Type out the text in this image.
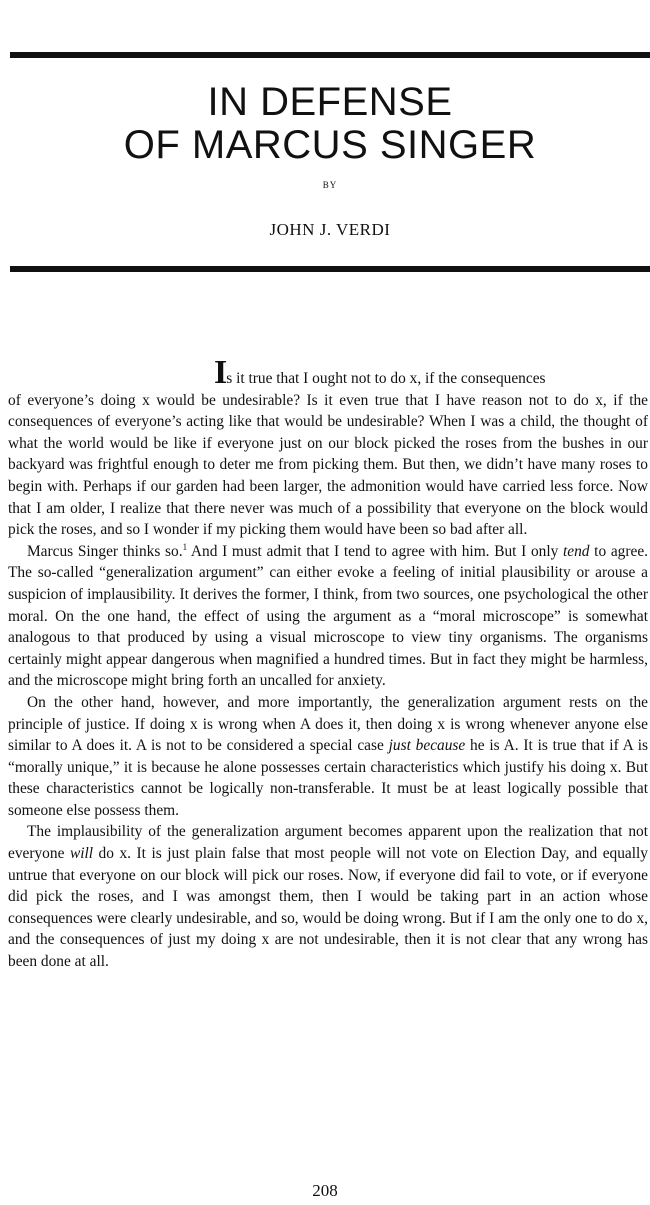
IN DEFENSE
OF MARCUS SINGER
BY
JOHN J. VERDI

Is it true that I ought not to do x, if the consequences
of everyone’s doing x would be undesirable? Is it even true that I have reason not to do x, if the consequences of everyone’s acting like that would be undesirable? When I was a child, the thought of what the world would be like if everyone just on our block picked the roses from the bushes in our backyard was frightful enough to deter me from picking them. But then, we didn’t have many roses to begin with. Perhaps if our garden had been larger, the admonition would have carried less force. Now that I am older, I realize that there never was much of a possibility that everyone on the block would pick the roses, and so I wonder if my picking them would have been so bad after all.

Marcus Singer thinks so.$^1$ And I must admit that I tend to agree with him. But I only tend to agree. The so-called “generalization argument” can either evoke a feeling of initial plausibility or arouse a suspicion of implausibility. It derives the former, I think, from two sources, one psychological the other moral. On the one hand, the effect of using the argument as a “moral microscope” is somewhat analogous to that produced by using a visual microscope to view tiny organisms. The organisms certainly might appear dangerous when magnified a hundred times. But in fact they might be harmless, and the microscope might bring forth an uncalled for anxiety.

On the other hand, however, and more importantly, the generalization argument rests on the principle of justice. If doing x is wrong when A does it, then doing x is wrong whenever anyone else similar to A does it. A is not to be considered a special case just because he is A. It is true that if A is “morally unique,” it is because he alone possesses certain characteristics which justify his doing x. But these characteristics cannot be logically non-transferable. It must be at least logically possible that someone else possess them.

The implausibility of the generalization argument becomes apparent upon the realization that not everyone will do x. It is just plain false that most people will not vote on Election Day, and equally untrue that everyone on our block will pick our roses. Now, if everyone did fail to vote, or if everyone did pick the roses, and I was amongst them, then I would be taking part in an action whose consequences were clearly undesirable, and so, would be doing wrong. But if I am the only one to do x, and the consequences of just my doing x are not undesirable, then it is not clear that any wrong has been done at all.

208
